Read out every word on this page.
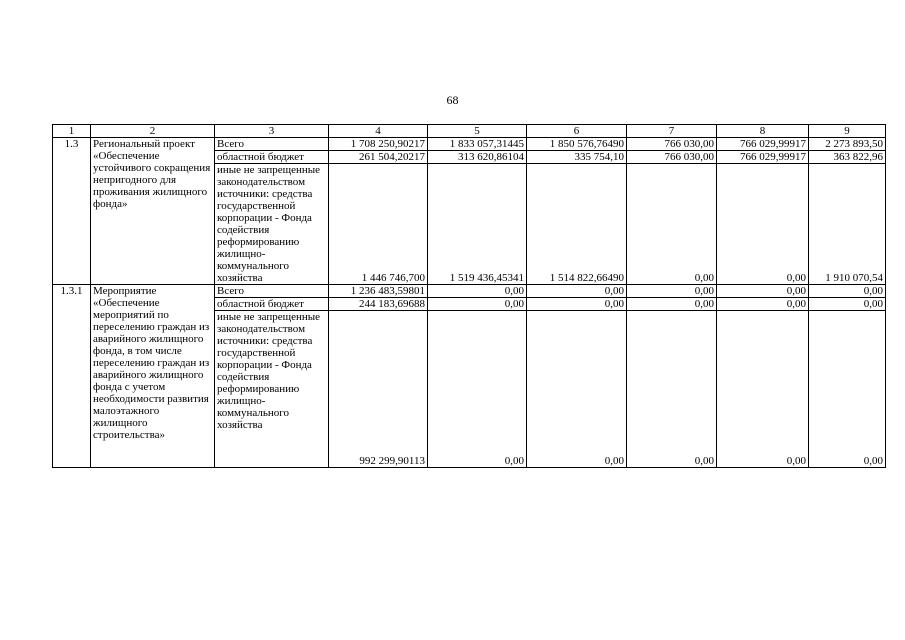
68
1	2	3	4	5	6	7	8	9
1.3	Региональный проект «Обеспечение устойчивого сокращения непригодного для проживания жилищного фонда»	Всего	1 708 250,90217	1 833 057,31445	1 850 576,76490	766 030,00	766 029,99917	2 273 893,50
		областной бюджет	261 504,20217	313 620,86104	335 754,10	766 030,00	766 029,99917	363 822,96
		иные не запрещенные законодательством источники: средства государственной корпорации - Фонда содействия реформированию жилищно-коммунального хозяйства	1 446 746,700	1 519 436,45341	1 514 822,66490	0,00	0,00	1 910 070,54
1.3.1	Мероприятие «Обеспечение мероприятий по переселению граждан из аварийного жилищного фонда, в том числе переселению граждан из аварийного жилищного фонда с учетом необходимости развития малоэтажного жилищного строительства»	Всего	1 236 483,59801	0,00	0,00	0,00	0,00	0,00
		областной бюджет	244 183,69688	0,00	0,00	0,00	0,00	0,00
		иные не запрещенные законодательством источники: средства государственной корпорации - Фонда содействия реформированию жилищно-коммунального хозяйства	992 299,90113	0,00	0,00	0,00	0,00	0,00
